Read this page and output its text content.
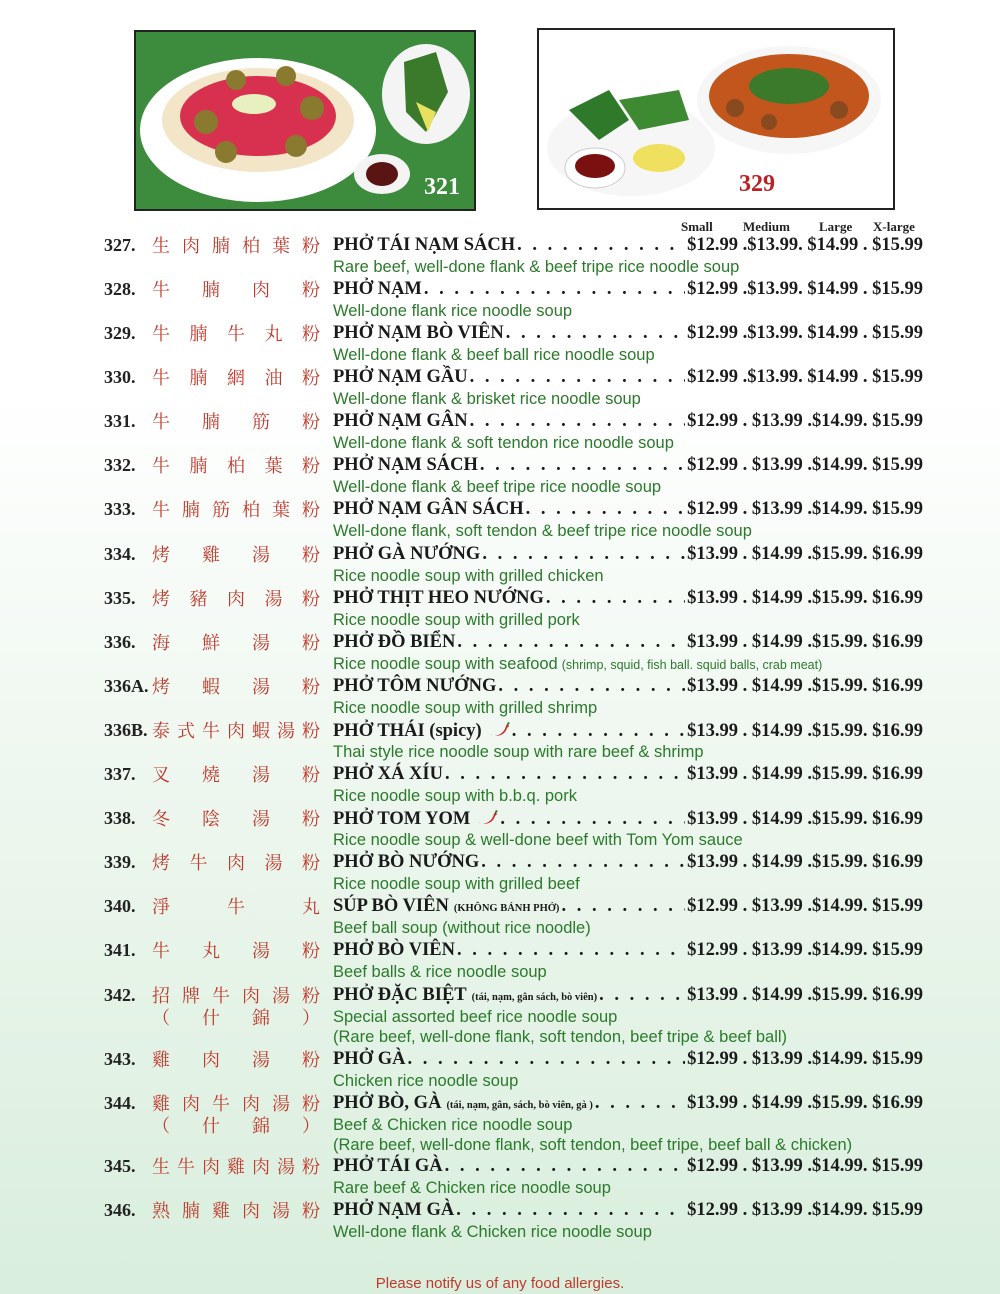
321	329
Small Medium Large X-large
327. 生 肉 腩 柏 葉 粉 PHỞ TÁI NẠM SÁCH . . .	$12.99 .$13.99. $14.99 . $15.99
Rare beef, well-done flank & beef tripe rice noodle soup
328. 牛 腩 肉 粉 PHỞ NẠM . . .	$12.99 .$13.99. $14.99 . $15.99
Well-done flank rice noodle soup
329. 牛 腩 牛 丸 粉 PHỞ NẠM BÒ VIÊN . . .	$12.99 .$13.99. $14.99 . $15.99
Well-done flank & beef ball rice noodle soup
330. 牛 腩 網 油 粉 PHỞ NẠM GẦU . . .	$12.99 .$13.99. $14.99 . $15.99
Well-done flank & brisket rice noodle soup
331. 牛 腩 筋 粉 PHỞ NẠM GÂN . . .	$12.99 . $13.99 .$14.99. $15.99
Well-done flank & soft tendon rice noodle soup
332. 牛 腩 柏 葉 粉 PHỞ NẠM SÁCH . . .	$12.99 . $13.99 .$14.99. $15.99
Well-done flank & beef tripe rice noodle soup
333. 牛 腩 筋 柏 葉 粉 PHỞ NẠM GÂN SÁCH . . .	$12.99 . $13.99 .$14.99. $15.99
Well-done flank, soft tendon & beef tripe rice noodle soup
334. 烤 雞 湯 粉 PHỞ GÀ NƯỚNG . . .	$13.99 . $14.99 .$15.99. $16.99
Rice noodle soup with grilled chicken
335. 烤 豬 肉 湯 粉 PHỞ THỊT HEO NƯỚNG . . .	$13.99 . $14.99 .$15.99. $16.99
Rice noodle soup with grilled pork
336. 海 鮮 湯 粉 PHỞ ĐỒ BIỂN . . .	$13.99 . $14.99 .$15.99. $16.99
Rice noodle soup with seafood (shrimp, squid, fish ball. squid balls, crab meat)
336A. 烤 蝦 湯 粉 PHỞ TÔM NƯỚNG . . .	$13.99 . $14.99 .$15.99. $16.99
Rice noodle soup with grilled shrimp
336B. 泰 式 牛 肉 蝦 湯 粉 PHỞ THÁI (spicy) . . .	$13.99 . $14.99 .$15.99. $16.99
Thai style rice noodle soup with rare beef & shrimp
337. 叉 燒 湯 粉 PHỞ XÁ XÍU . . .	$13.99 . $14.99 .$15.99. $16.99
Rice noodle soup with b.b.q. pork
338. 冬 陰 湯 粉 PHỞ TOM YOM . . .	$13.99 . $14.99 .$15.99. $16.99
Rice noodle soup & well-done beef with Tom Yom sauce
339. 烤 牛 肉 湯 粉 PHỞ BÒ NƯỚNG . . .	$13.99 . $14.99 .$15.99. $16.99
Rice noodle soup with grilled beef
340. 淨	牛	丸 SÚP BÒ VIÊN (KHÔNG BÁNH PHỞ) . . .	$12.99 . $13.99 .$14.99. $15.99
Beef ball soup (without rice noodle)
341. 牛 丸 湯 粉 PHỞ BÒ VIÊN . . .	$12.99 . $13.99 .$14.99. $15.99
Beef balls & rice noodle soup
342. 招 牌 牛 肉 湯 粉
（ 什 錦 ）
PHỞ ĐẶC BIỆT (tái, nạm, gân sách, bò viên) . . .	$13.99 . $14.99 .$15.99. $16.99
Special assorted beef rice noodle soup
(Rare beef, well-done flank, soft tendon, beef tripe & beef ball)
343. 雞 肉 湯 粉 PHỞ GÀ . . .	$12.99 . $13.99 .$14.99. $15.99
Chicken rice noodle soup
344. 雞 肉 牛 肉 湯 粉
（ 什 錦 ）
PHỞ BÒ, GÀ (tái, nạm, gân, sách, bò viên, gà ) . . .	$13.99 . $14.99 .$15.99. $16.99
Beef & Chicken rice noodle soup
(Rare beef, well-done flank, soft tendon, beef tripe, beef ball & chicken)
345. 生 牛 肉 雞 肉 湯 粉 PHỞ TÁI GÀ . . .	$12.99 . $13.99 .$14.99. $15.99
Rare beef & Chicken rice noodle soup
346. 熟 腩 雞 肉 湯 粉 PHỞ NẠM GÀ . . .	$12.99 . $13.99 .$14.99. $15.99
Well-done flank & Chicken rice noodle soup
Please notify us of any food allergies.
